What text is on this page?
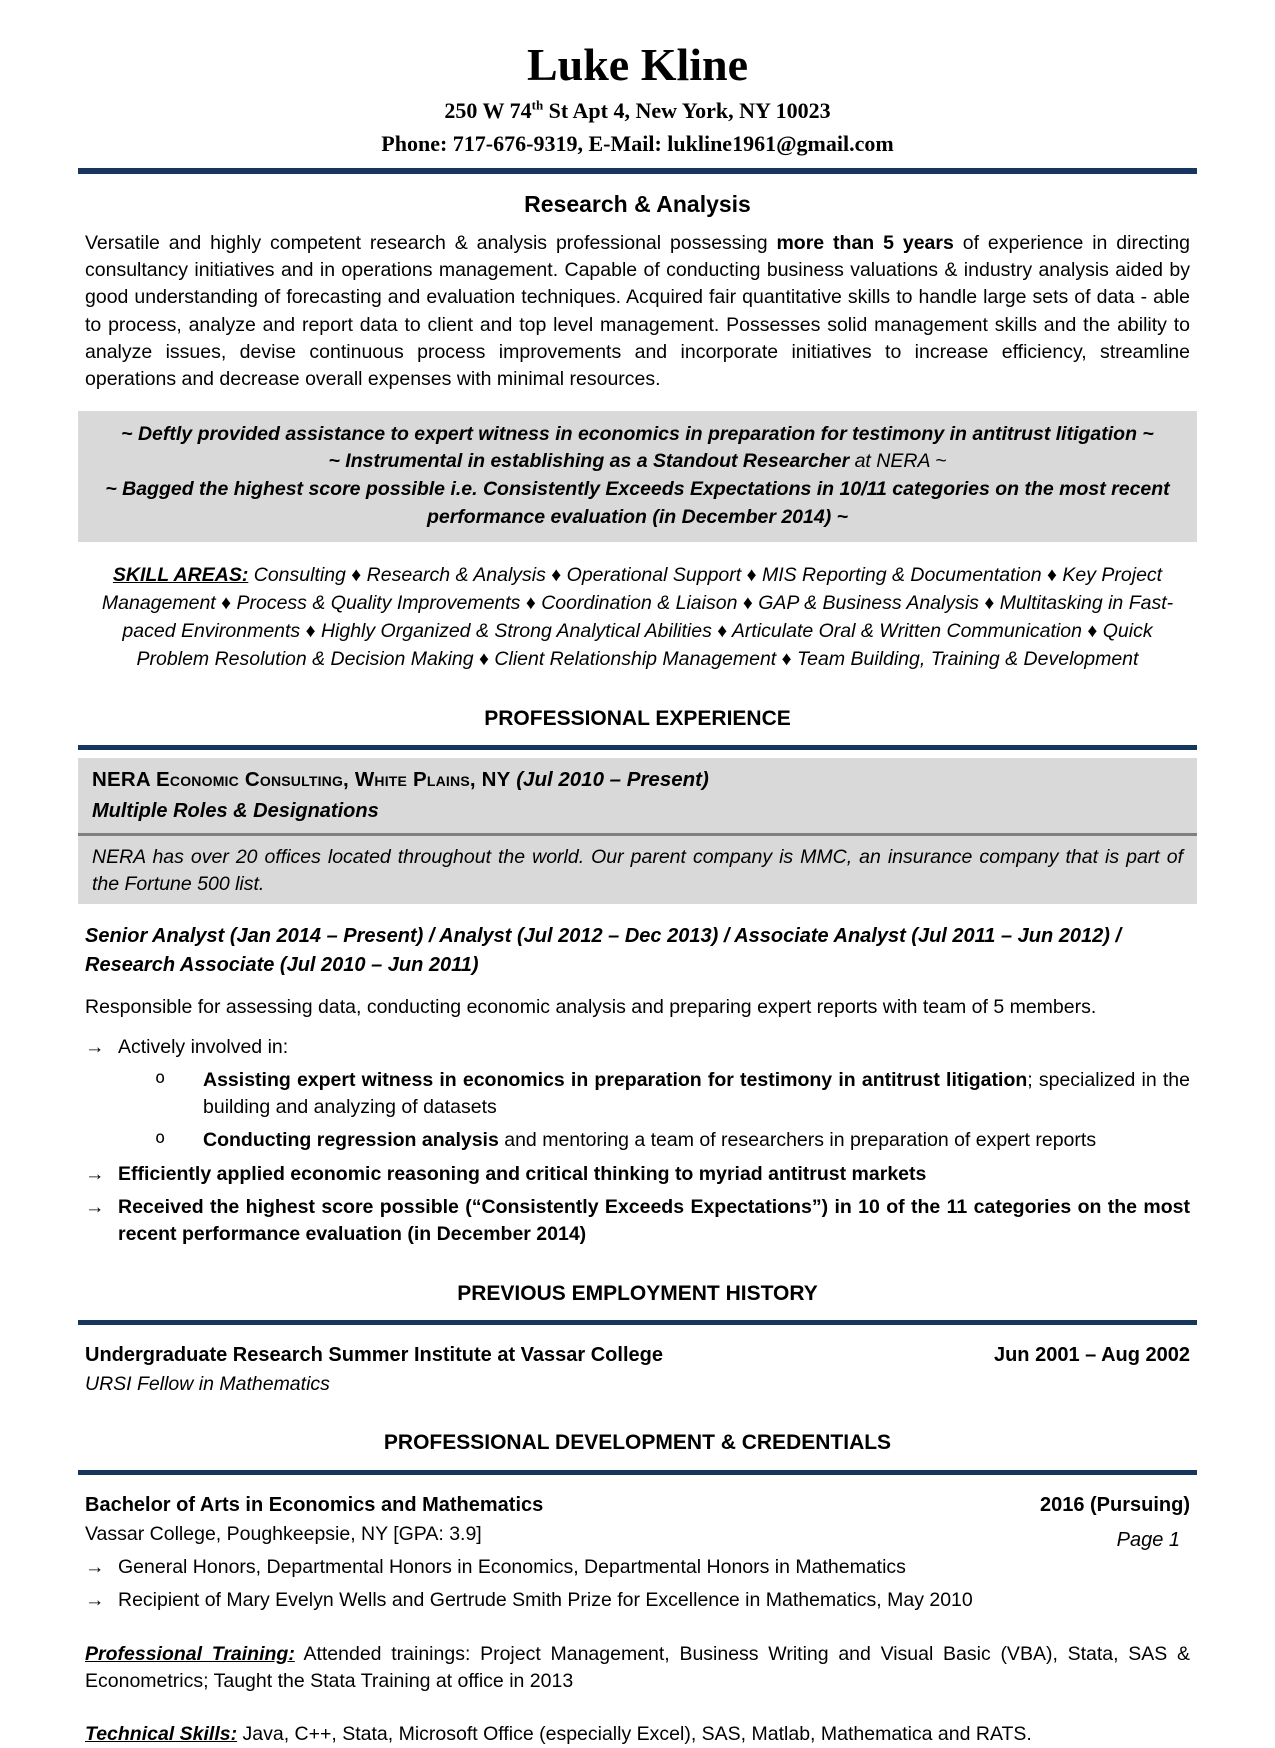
Luke Kline
250 W 74th St Apt 4, New York, NY 10023
Phone: 717-676-9319, E-Mail: lukline1961@gmail.com
Research & Analysis
Versatile and highly competent research & analysis professional possessing more than 5 years of experience in directing consultancy initiatives and in operations management. Capable of conducting business valuations & industry analysis aided by good understanding of forecasting and evaluation techniques. Acquired fair quantitative skills to handle large sets of data - able to process, analyze and report data to client and top level management. Possesses solid management skills and the ability to analyze issues, devise continuous process improvements and incorporate initiatives to increase efficiency, streamline operations and decrease overall expenses with minimal resources.
~ Deftly provided assistance to expert witness in economics in preparation for testimony in antitrust litigation ~
~ Instrumental in establishing as a Standout Researcher at NERA ~
~ Bagged the highest score possible i.e. Consistently Exceeds Expectations in 10/11 categories on the most recent performance evaluation (in December 2014) ~
SKILL AREAS: Consulting ♦ Research & Analysis ♦ Operational Support ♦ MIS Reporting & Documentation ♦ Key Project Management ♦ Process & Quality Improvements ♦ Coordination & Liaison ♦ GAP & Business Analysis ♦ Multitasking in Fast-paced Environments ♦ Highly Organized & Strong Analytical Abilities ♦ Articulate Oral & Written Communication ♦ Quick Problem Resolution & Decision Making ♦ Client Relationship Management ♦ Team Building, Training & Development
PROFESSIONAL EXPERIENCE
NERA Economic Consulting, White Plains, NY (Jul 2010 – Present)
Multiple Roles & Designations
NERA has over 20 offices located throughout the world. Our parent company is MMC, an insurance company that is part of the Fortune 500 list.
Senior Analyst (Jan 2014 – Present) / Analyst (Jul 2012 – Dec 2013) / Associate Analyst (Jul 2011 – Jun 2012) / Research Associate (Jul 2010 – Jun 2011)
Responsible for assessing data, conducting economic analysis and preparing expert reports with team of 5 members.
→ Actively involved in:
o	Assisting expert witness in economics in preparation for testimony in antitrust litigation; specialized in the building and analyzing of datasets
o	Conducting regression analysis and mentoring a team of researchers in preparation of expert reports
→ Efficiently applied economic reasoning and critical thinking to myriad antitrust markets
→ Received the highest score possible (“Consistently Exceeds Expectations”) in 10 of the 11 categories on the most recent performance evaluation (in December 2014)
PREVIOUS EMPLOYMENT HISTORY
Undergraduate Research Summer Institute at Vassar College	Jun 2001 – Aug 2002
URSI Fellow in Mathematics
PROFESSIONAL DEVELOPMENT & CREDENTIALS
Bachelor of Arts in Economics and Mathematics	2016 (Pursuing)
Vassar College, Poughkeepsie, NY [GPA: 3.9]
→ General Honors, Departmental Honors in Economics, Departmental Honors in Mathematics
→ Recipient of Mary Evelyn Wells and Gertrude Smith Prize for Excellence in Mathematics, May 2010
Professional Training: Attended trainings: Project Management, Business Writing and Visual Basic (VBA), Stata, SAS & Econometrics; Taught the Stata Training at office in 2013
Technical Skills: Java, C++, Stata, Microsoft Office (especially Excel), SAS, Matlab, Mathematica and RATS.
Page 1
